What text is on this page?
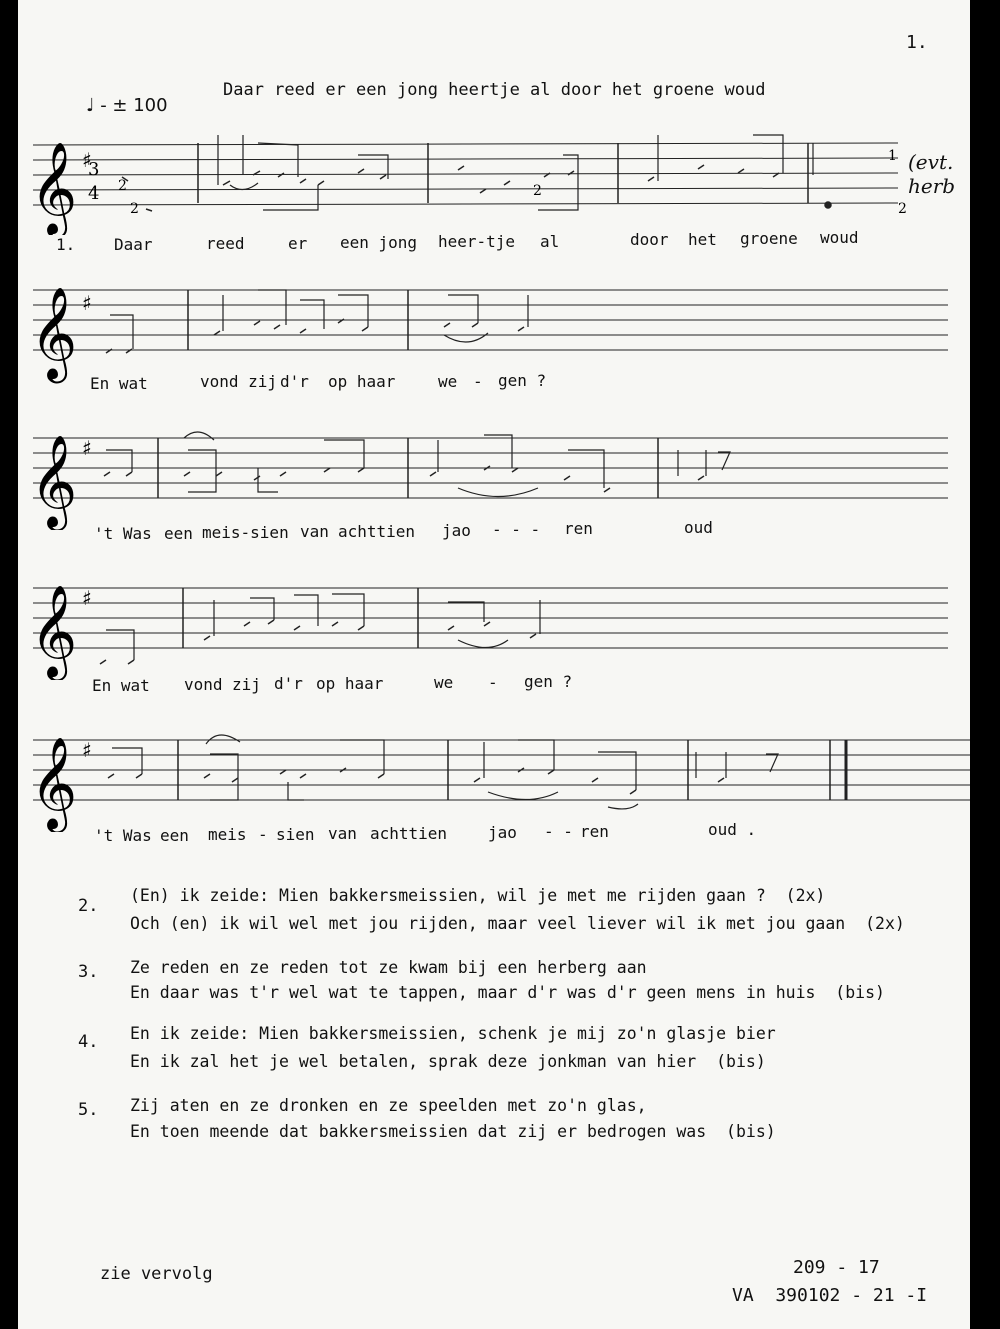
1.
♩ - ± 100
Daar reed er een jong heertje al door het groene woud
(evt. herb
𝄞 ♯
3
4 2
2
2
1
2
1. Daar	reed	er een jong heer-tje al	door het groene woud
𝄞 ♯
En wat	vond zij d'r op haar	we - gen ?
𝄞 ♯
't Was een meis-sien van achttien jao - - - ren	oud
𝄞 ♯
En wat vond zij d'r op haar	we - gen ?
𝄞 ♯
't Was een meis - sien van achttien	jao - - ren	oud .
2.
(En) ik zeide: Mien bakkersmeissien, wil je met me rijden gaan ?  (2x)
Och (en) ik wil wel met jou rijden, maar veel liever wil ik met jou gaan  (2x)
3. Ze reden en ze reden tot ze kwam bij een herberg aan
En daar was t'r wel wat te tappen, maar d'r was d'r geen mens in huis  (bis)
4. En ik zeide: Mien bakkersmeissien, schenk je mij zo'n glasje bier
En ik zal het je wel betalen, sprak deze jonkman van hier  (bis)
5. Zij aten en ze dronken en ze speelden met zo'n glas,
En toen meende dat bakkersmeissien dat zij er bedrogen was  (bis)
zie vervolg	209 - 17
VA  390102 - 21 -I
